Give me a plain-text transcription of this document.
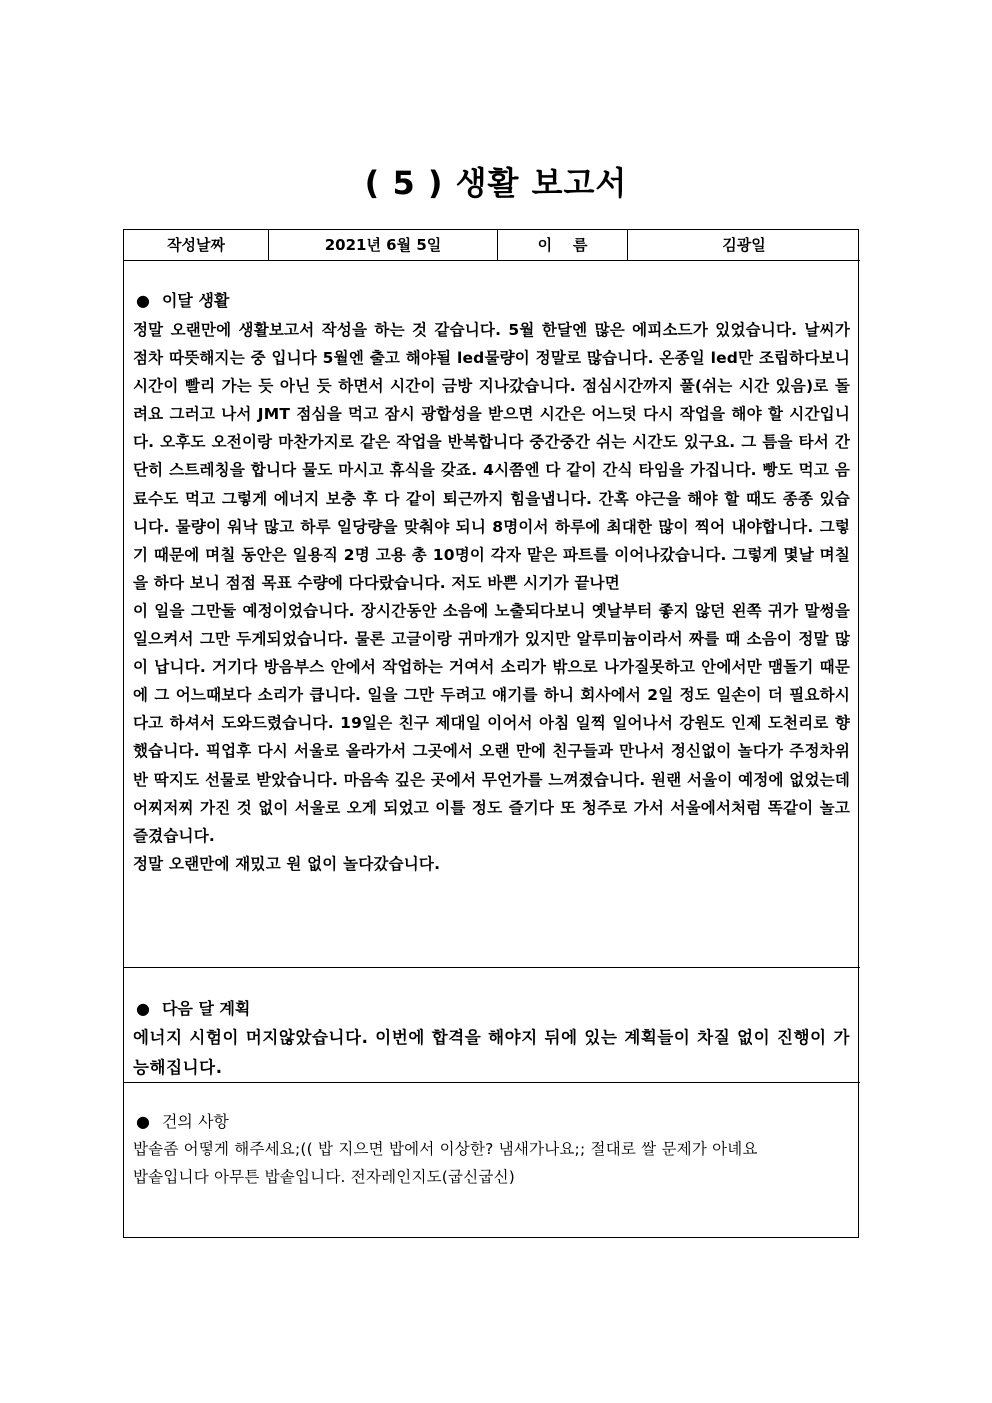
( 5 ) 생활 보고서
작성날짜	2021년 6월 5일	이    름	김광일
● 이달 생활

정말 오랜만에 생활보고서 작성을 하는 것 같습니다. 5월 한달엔 많은 에피소드가 있었습니다. 날씨가 점차 따뜻해지는 중 입니다 5월엔 출고 해야될 led물량이 정말로 많습니다. 온종일 led만 조립하다보니 시간이 빨리 가는 듯 아닌 듯 하면서 시간이 금방 지나갔습니다. 점심시간까지 풀(쉬는 시간 있음)로 돌려요 그러고 나서 JMT 점심을 먹고 잠시 광합성을 받으면 시간은 어느덧 다시 작업을 해야 할 시간입니다. 오후도 오전이랑 마찬가지로 같은 작업을 반복합니다 중간중간 쉬는 시간도 있구요. 그 틈을 타서 간단히 스트레칭을 합니다 물도 마시고 휴식을 갖죠. 4시쯤엔 다 같이 간식 타임을 가집니다. 빵도 먹고 음료수도 먹고 그렇게 에너지 보충 후 다 같이 퇴근까지 힘을냅니다. 간혹 야근을 해야 할 때도 종종 있습니다. 물량이 워낙 많고 하루 일당량을 맞춰야 되니 8명이서 하루에 최대한 많이 찍어 내야합니다. 그렇기 때문에 며칠 동안은 일용직 2명 고용 총 10명이 각자 맡은 파트를 이어나갔습니다. 그렇게 몇날 며칠을 하다 보니 점점 목표 수량에 다다랐습니다. 저도 바쁜 시기가 끝나면

이 일을 그만둘 예정이었습니다. 장시간동안 소음에 노출되다보니 옛날부터 좋지 않던 왼쪽 귀가 말썽을 일으켜서 그만 두게되었습니다. 물론 고글이랑 귀마개가 있지만 알루미늄이라서 짜를 때 소음이 정말 많이 납니다. 거기다 방음부스 안에서 작업하는 거여서 소리가 밖으로 나가질못하고 안에서만 맴돌기 때문에 그 어느때보다 소리가 큽니다. 일을 그만 두려고 얘기를 하니 회사에서 2일 정도 일손이 더 필요하시다고 하셔서 도와드렸습니다. 19일은 친구 제대일 이어서 아침 일찍 일어나서 강원도 인제 도천리로 향했습니다. 픽업후 다시 서울로 올라가서 그곳에서 오랜 만에 친구들과 만나서 정신없이 놀다가 주정차위반 딱지도 선물로 받았습니다. 마음속 깊은 곳에서 무언가를 느껴졌습니다. 원랜 서울이 예정에 없었는데 어찌저찌 가진 것 없이 서울로 오게 되었고 이틀 정도 즐기다 또 청주로 가서 서울에서처럼 똑같이 놀고 즐겼습니다.

정말 오랜만에 재밌고 원 없이 놀다갔습니다.

● 다음 달 계획
에너지 시험이 머지않았습니다. 이번에 합격을 해야지 뒤에 있는 계획들이 차질 없이 진행이 가능해집니다.
● 건의 사항
밥솥좀 어떻게 해주세요;(( 밥 지으면 밥에서 이상한? 냄새가나요;; 절대로 쌀 문제가 아녜요
밥솥입니다 아무튼 밥솥입니다. 전자레인지도(굽신굽신)
